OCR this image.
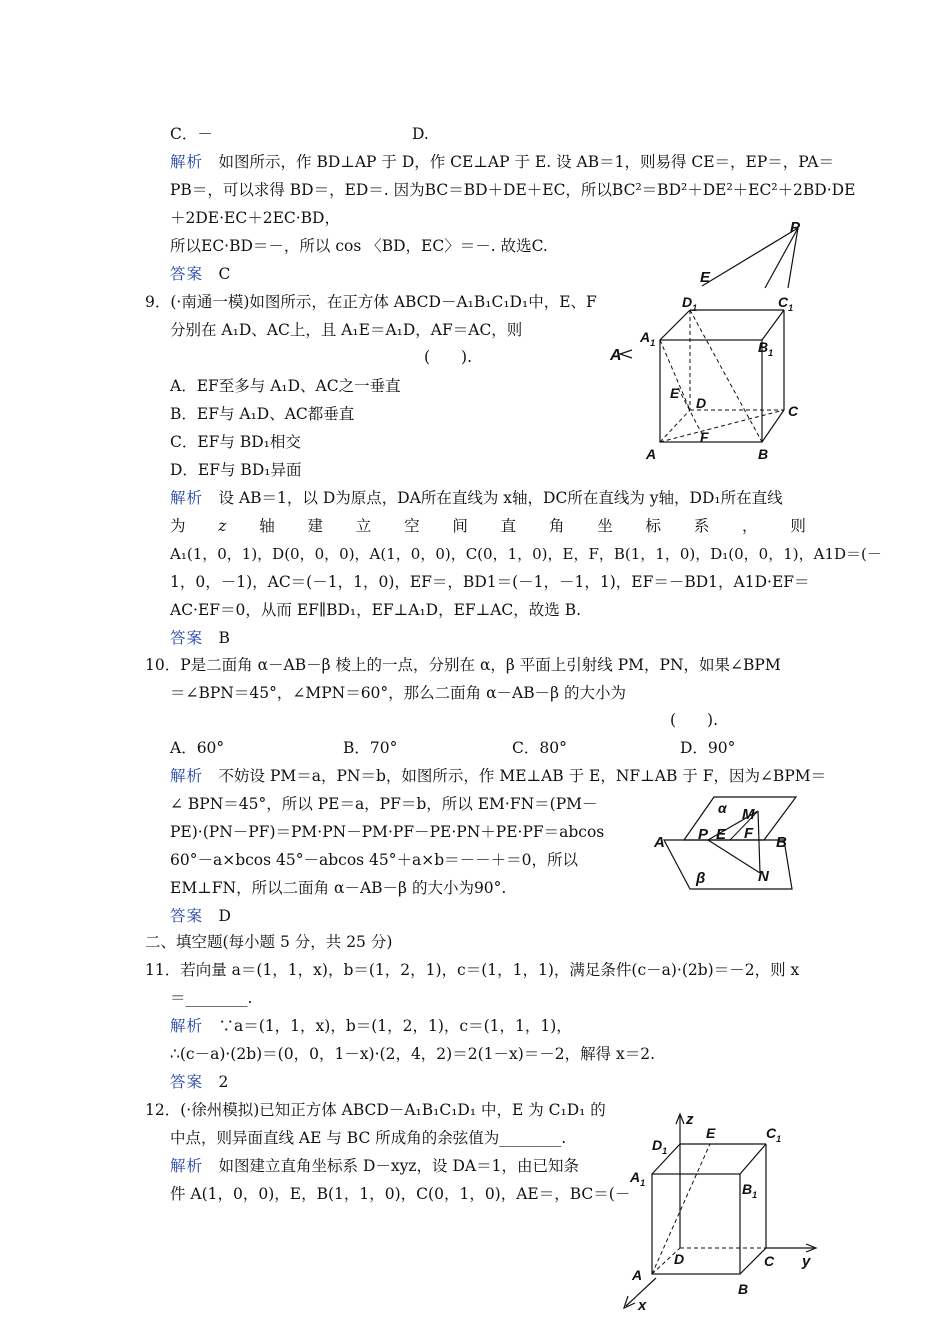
C．－	D.
解析　 如图所示，作 BD⊥AP 于 D，作 CE⊥AP 于 E. 设 AB＝1，则易得 CE＝，EP＝，PA＝
PB＝，可以求得 BD＝，ED＝. 因为BC＝BD＋DE＋EC，所以BC²＝BD²＋DE²＋EC²＋2BD·DE
＋2DE·EC＋2EC·BD，
所以EC·BD＝－，所以 cos 〈BD，EC〉＝－. 故选C.
答案　 C
P
E
9．(·南通一模)如图所示，在正方体 ABCD－A₁B₁C₁D₁中，E、F
分别在 A₁D、AC上，且 A₁E＝A₁D，AF＝AC，则
(　　).
A．EF至多与 A₁D、AC之一垂直
B．EF与 A₁D、AC都垂直
C．EF与 BD₁相交
D．EF与 BD₁异面
解析　 设 AB＝1，以 D为原点，DA所在直线为 x轴，DC所在直线为 y轴，DD₁所在直线
为 z 轴 建 立 空 间 直 角 坐 标 系 ， 则
A₁(1，0，1)，D(0，0，0)，A(1，0，0)，C(0，1，0)，E，F，B(1，1，0)，D₁(0，0，1)，A1D＝(－
1，0，－1)，AC＝(－1，1，0)，EF＝，BD1＝(－1，－1，1)，EF＝－BD1，A1D·EF＝
AC·EF＝0，从而 EF∥BD₁，EF⊥A₁D，EF⊥AC，故选 B.
答案　 B
A
$D_1$	$C_1$
$A_1$	$B_1$
E
D	C
F
A	B
10．P是二面角 α－AB－β 棱上的一点，分别在 α，β 平面上引射线 PM，PN，如果∠BPM
＝∠BPN＝45°，∠MPN＝60°，那么二面角 α－AB－β 的大小为
(　　).
A．60°	B．70°	C．80°	D．90°
解析　 不妨设 PM＝a，PN＝b，如图所示，作 ME⊥AB 于 E，NF⊥AB 于 F，因为∠BPM＝
∠ BPN＝45°，所以 PE＝a，PF＝b，所以 EM·FN＝(PM－
PE)·(PN－PF)＝PM·PN－PM·PF－PE·PN＋PE·PF＝abcos
60°－a×bcos 45°－abcos 45°＋a×b＝－－＋＝0，所以
EM⊥FN，所以二面角 α－AB－β 的大小为90°.
答案　 D
α M
P E F
A	B
β	N
二、填空题(每小题 5 分，共 25 分)
11．若向量 a＝(1，1，x)，b＝(1，2，1)，c＝(1，1，1)，满足条件(c－a)·(2b)＝－2，则 x
＝________.
解析　 ∵a＝(1，1，x)，b＝(1，2，1)，c＝(1，1，1)，
∴(c－a)·(2b)＝(0，0，1－x)·(2，4，2)＝2(1－x)＝－2，解得 x＝2.
答案　 2
12．(·徐州模拟)已知正方体 ABCD－A₁B₁C₁D₁ 中，E 为 C₁D₁ 的
中点，则异面直线 AE 与 BC 所成角的余弦值为________.
解析　 如图建立直角坐标系 D－xyz，设 DA＝1，由已知条
件 A(1，0，0)，E，B(1，1，0)，C(0，1，0)，AE＝，BC＝(－
z
$D_1$
E	$C_1$
$A_1$	$B_1$
D	C y
A
B
x
